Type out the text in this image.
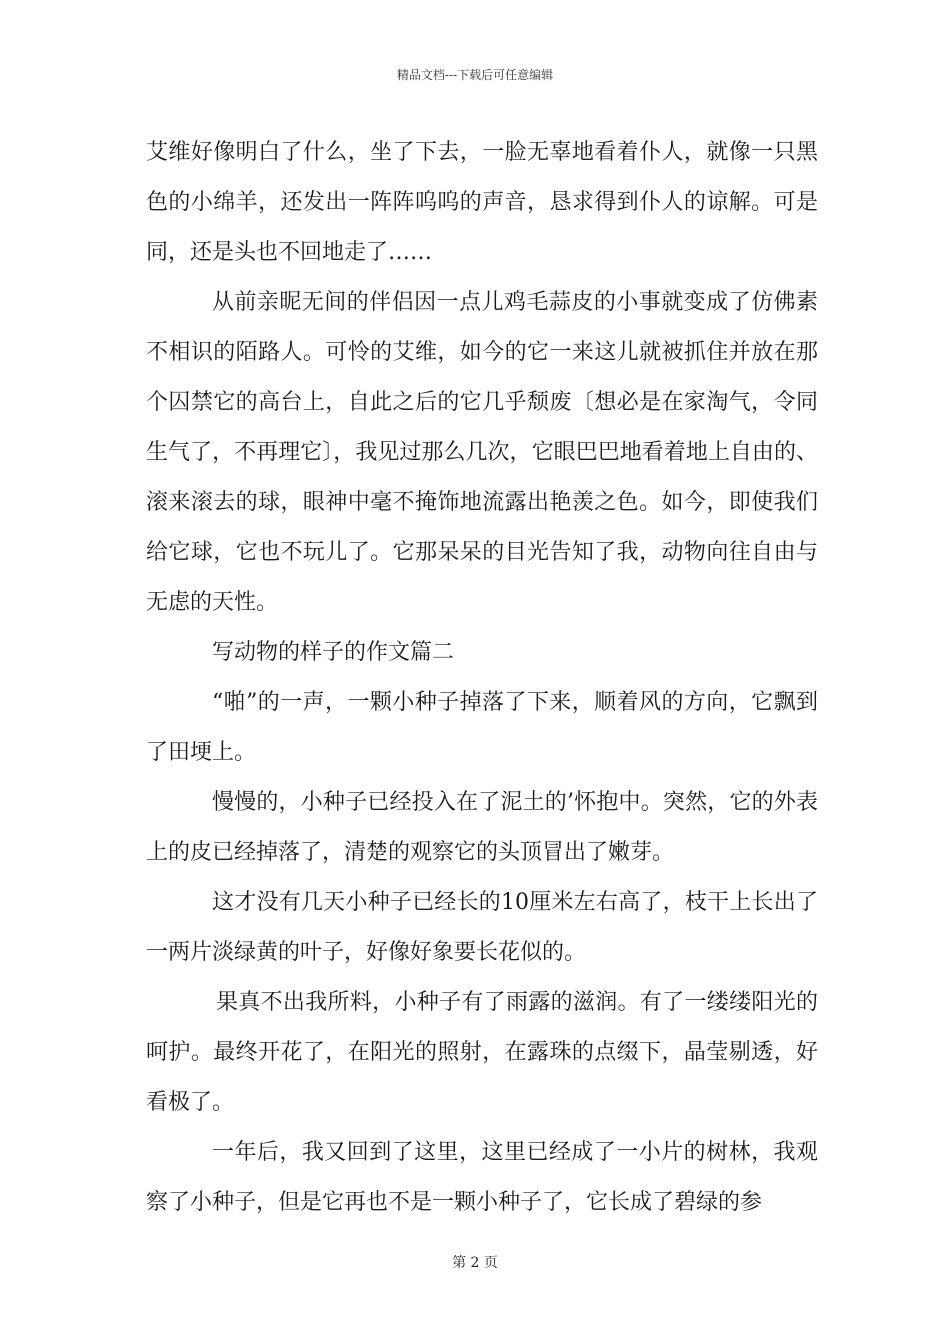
精品文档---下载后可任意编辑

艾维好像明白了什么，坐了下去，一脸无辜地看着仆人，就像一只黑色的小绵羊，还发出一阵阵呜呜的声音，恳求得到仆人的谅解。可是同，还是头也不回地走了……

从前亲昵无间的伴侣因一点儿鸡毛蒜皮的小事就变成了仿佛素不相识的陌路人。可怜的艾维，如今的它一来这儿就被抓住并放在那个囚禁它的高台上，自此之后的它几乎颓废〔想必是在家淘气，令同生气了，不再理它〕，我见过那么几次，它眼巴巴地看着地上自由的、滚来滚去的球，眼神中毫不掩饰地流露出艳羡之色。如今，即使我们给它球，它也不玩儿了。它那呆呆的目光告知了我，动物向往自由与无虑的天性。

写动物的样子的作文篇二

“啪”的一声，一颗小种子掉落了下来，顺着风的方向，它飘到了田埂上。

慢慢的，小种子已经投入在了泥土的’怀抱中。突然，它的外表上的皮已经掉落了，清楚的观察它的头顶冒出了嫩芽。

这才没有几天小种子已经长的10厘米左右高了，枝干上长出了一两片淡绿黄的叶子，好像好象要长花似的。

果真不出我所料，小种子有了雨露的滋润。有了一缕缕阳光的呵护。最终开花了，在阳光的照射，在露珠的点缀下，晶莹剔透，好看极了。

一年后，我又回到了这里，这里已经成了一小片的树林，我观察了小种子，但是它再也不是一颗小种子了，它长成了碧绿的参

第 2 页
